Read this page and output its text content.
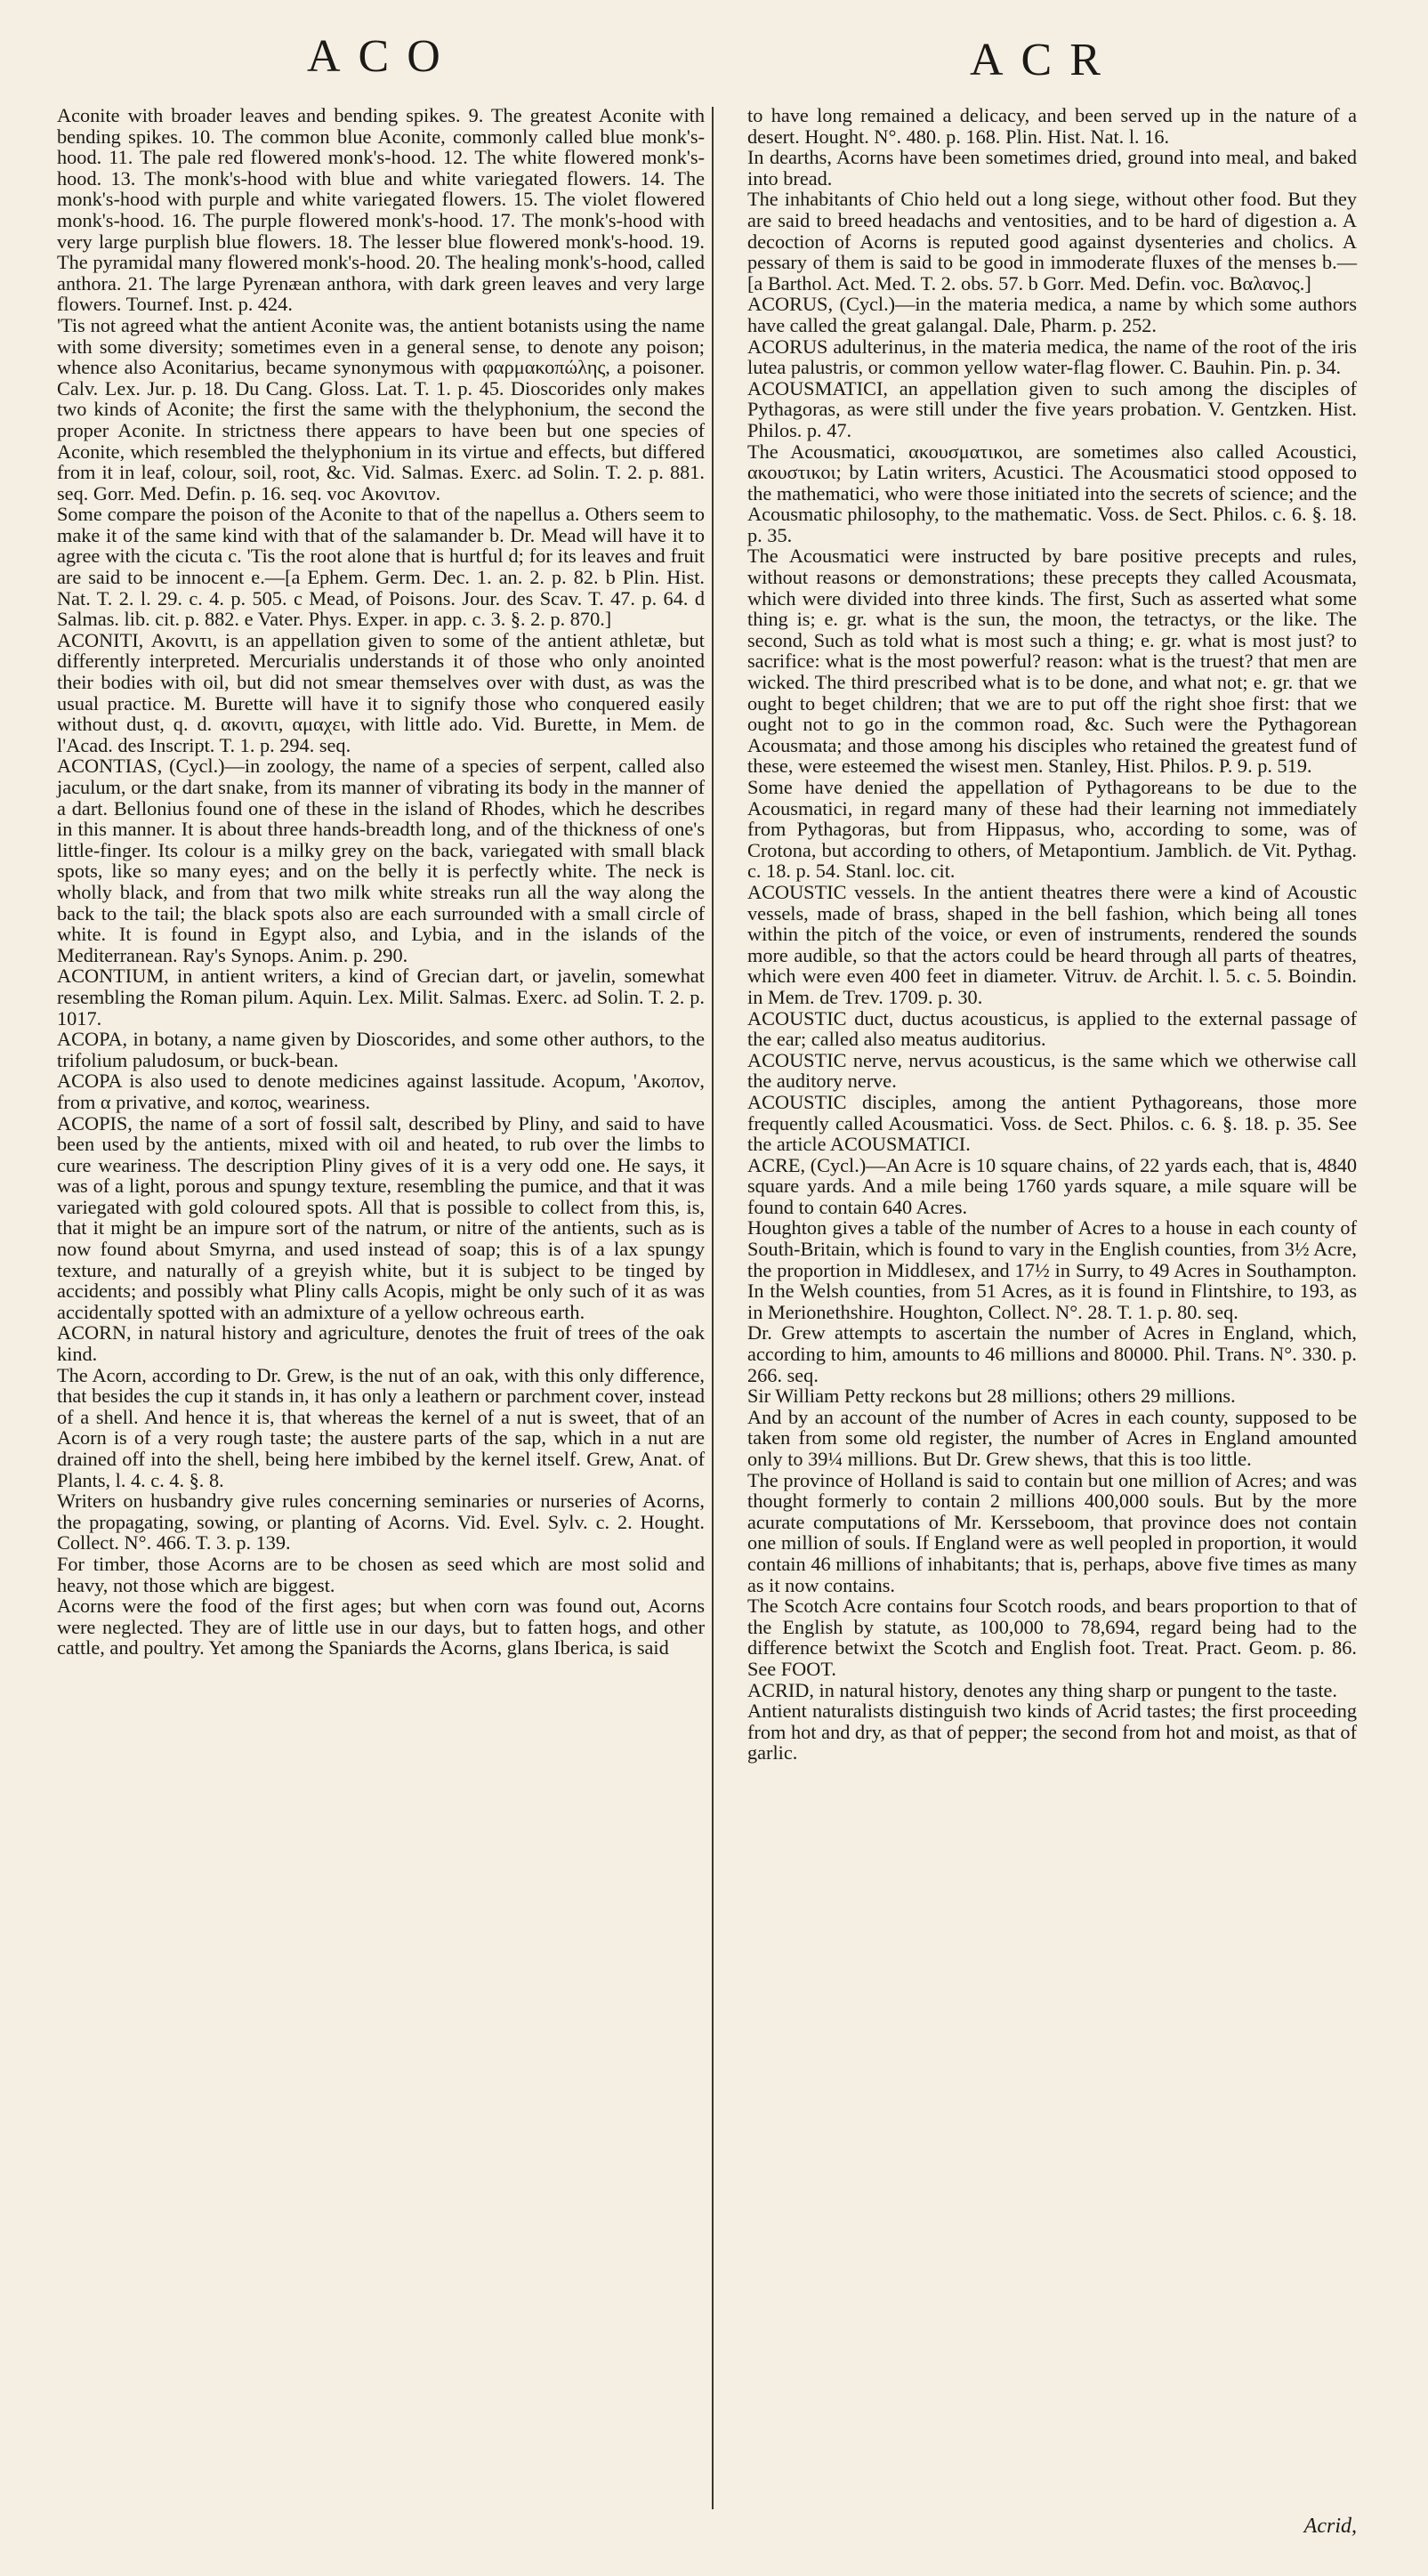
ACO	ACR

Aconite with broader leaves and bending spikes. 9. The greatest Aconite with bending spikes. 10. The common blue Aconite, commonly called blue monk's-hood. 11. The pale red flowered monk's-hood. 12. The white flowered monk's-hood. 13. The monk's-hood with blue and white variegated flowers. 14. The monk's-hood with purple and white variegated flowers. 15. The violet flowered monk's-hood. 16. The purple flowered monk's-hood. 17. The monk's-hood with very large purplish blue flowers. 18. The lesser blue flowered monk's-hood. 19. The pyramidal many flowered monk's-hood. 20. The healing monk's-hood, called anthora. 21. The large Pyrenæan anthora, with dark green leaves and very large flowers. Tournef. Inst. p. 424.

'Tis not agreed what the antient Aconite was, the antient botanists using the name with some diversity; sometimes even in a general sense, to denote any poison; whence also Aconitarius, became synonymous with φαρμακοπώλης, a poisoner. Calv. Lex. Jur. p. 18. Du Cang. Gloss. Lat. T. 1. p. 45. Dioscorides only makes two kinds of Aconite; the first the same with the thelyphonium, the second the proper Aconite. In strictness there appears to have been but one species of Aconite, which resembled the thelyphonium in its virtue and effects, but differed from it in leaf, colour, soil, root, &c. Vid. Salmas. Exerc. ad Solin. T. 2. p. 881. seq. Gorr. Med. Defin. p. 16. seq. voc Ακονιτον.

Some compare the poison of the Aconite to that of the napellus a. Others seem to make it of the same kind with that of the salamander b. Dr. Mead will have it to agree with the cicuta c. 'Tis the root alone that is hurtful d; for its leaves and fruit are said to be innocent e.—[a Ephem. Germ. Dec. 1. an. 2. p. 82. b Plin. Hist. Nat. T. 2. l. 29. c. 4. p. 505. c Mead, of Poisons. Jour. des Scav. T. 47. p. 64. d Salmas. lib. cit. p. 882. e Vater. Phys. Exper. in app. c. 3. §. 2. p. 870.]

ACONITI, Ακονιτι, is an appellation given to some of the antient athletæ, but differently interpreted. Mercurialis understands it of those who only anointed their bodies with oil, but did not smear themselves over with dust, as was the usual practice. M. Burette will have it to signify those who conquered easily without dust, q. d. ακονιτι, αμαχει, with little ado. Vid. Burette, in Mem. de l'Acad. des Inscript. T. 1. p. 294. seq.

ACONTIAS, (Cycl.)—in zoology, the name of a species of serpent, called also jaculum, or the dart snake, from its manner of vibrating its body in the manner of a dart. Bellonius found one of these in the island of Rhodes, which he describes in this manner. It is about three hands-breadth long, and of the thickness of one's little-finger. Its colour is a milky grey on the back, variegated with small black spots, like so many eyes; and on the belly it is perfectly white. The neck is wholly black, and from that two milk white streaks run all the way along the back to the tail; the black spots also are each surrounded with a small circle of white. It is found in Egypt also, and Lybia, and in the islands of the Mediterranean. Ray's Synops. Anim. p. 290.

ACONTIUM, in antient writers, a kind of Grecian dart, or javelin, somewhat resembling the Roman pilum. Aquin. Lex. Milit. Salmas. Exerc. ad Solin. T. 2. p. 1017.

ACOPA, in botany, a name given by Dioscorides, and some other authors, to the trifolium paludosum, or buck-bean.

ACOPA is also used to denote medicines against lassitude. Acopum, 'Ακοπον, from α privative, and κοπος, weariness.

ACOPIS, the name of a sort of fossil salt, described by Pliny, and said to have been used by the antients, mixed with oil and heated, to rub over the limbs to cure weariness. The description Pliny gives of it is a very odd one. He says, it was of a light, porous and spungy texture, resembling the pumice, and that it was variegated with gold coloured spots. All that is possible to collect from this, is, that it might be an impure sort of the natrum, or nitre of the antients, such as is now found about Smyrna, and used instead of soap; this is of a lax spungy texture, and naturally of a greyish white, but it is subject to be tinged by accidents; and possibly what Pliny calls Acopis, might be only such of it as was accidentally spotted with an admixture of a yellow ochreous earth.

ACORN, in natural history and agriculture, denotes the fruit of trees of the oak kind.

The Acorn, according to Dr. Grew, is the nut of an oak, with this only difference, that besides the cup it stands in, it has only a leathern or parchment cover, instead of a shell. And hence it is, that whereas the kernel of a nut is sweet, that of an Acorn is of a very rough taste; the austere parts of the sap, which in a nut are drained off into the shell, being here imbibed by the kernel itself. Grew, Anat. of Plants, l. 4. c. 4. §. 8.

Writers on husbandry give rules concerning seminaries or nurseries of Acorns, the propagating, sowing, or planting of Acorns. Vid. Evel. Sylv. c. 2. Hought. Collect. N°. 466. T. 3. p. 139.

For timber, those Acorns are to be chosen as seed which are most solid and heavy, not those which are biggest.

Acorns were the food of the first ages; but when corn was found out, Acorns were neglected. They are of little use in our days, but to fatten hogs, and other cattle, and poultry. Yet among the Spaniards the Acorns, glans Iberica, is said

to have long remained a delicacy, and been served up in the nature of a desert. Hought. N°. 480. p. 168. Plin. Hist. Nat. l. 16.

In dearths, Acorns have been sometimes dried, ground into meal, and baked into bread.

The inhabitants of Chio held out a long siege, without other food. But they are said to breed headachs and ventosities, and to be hard of digestion a. A decoction of Acorns is reputed good against dysenteries and cholics. A pessary of them is said to be good in immoderate fluxes of the menses b.—[a Barthol. Act. Med. T. 2. obs. 57. b Gorr. Med. Defin. voc. Βαλανος.]

ACORUS, (Cycl.)—in the materia medica, a name by which some authors have called the great galangal. Dale, Pharm. p. 252.

ACORUS adulterinus, in the materia medica, the name of the root of the iris lutea palustris, or common yellow water-flag flower. C. Bauhin. Pin. p. 34.

ACOUSMATICI, an appellation given to such among the disciples of Pythagoras, as were still under the five years probation. V. Gentzken. Hist. Philos. p. 47.

The Acousmatici, ακουσματικοι, are sometimes also called Acoustici, ακουστικοι; by Latin writers, Acustici. The Acousmatici stood opposed to the mathematici, who were those initiated into the secrets of science; and the Acousmatic philosophy, to the mathematic. Voss. de Sect. Philos. c. 6. §. 18. p. 35.

The Acousmatici were instructed by bare positive precepts and rules, without reasons or demonstrations; these precepts they called Acousmata, which were divided into three kinds. The first, Such as asserted what some thing is; e. gr. what is the sun, the moon, the tetractys, or the like. The second, Such as told what is most such a thing; e. gr. what is most just? to sacrifice: what is the most powerful? reason: what is the truest? that men are wicked. The third prescribed what is to be done, and what not; e. gr. that we ought to beget children; that we are to put off the right shoe first: that we ought not to go in the common road, &c. Such were the Pythagorean Acousmata; and those among his disciples who retained the greatest fund of these, were esteemed the wisest men. Stanley, Hist. Philos. P. 9. p. 519.

Some have denied the appellation of Pythagoreans to be due to the Acousmatici, in regard many of these had their learning not immediately from Pythagoras, but from Hippasus, who, according to some, was of Crotona, but according to others, of Metapontium. Jamblich. de Vit. Pythag. c. 18. p. 54. Stanl. loc. cit.

ACOUSTIC vessels. In the antient theatres there were a kind of Acoustic vessels, made of brass, shaped in the bell fashion, which being all tones within the pitch of the voice, or even of instruments, rendered the sounds more audible, so that the actors could be heard through all parts of theatres, which were even 400 feet in diameter. Vitruv. de Archit. l. 5. c. 5. Boindin. in Mem. de Trev. 1709. p. 30.

ACOUSTIC duct, ductus acousticus, is applied to the external passage of the ear; called also meatus auditorius.

ACOUSTIC nerve, nervus acousticus, is the same which we otherwise call the auditory nerve.

ACOUSTIC disciples, among the antient Pythagoreans, those more frequently called Acousmatici. Voss. de Sect. Philos. c. 6. §. 18. p. 35. See the article ACOUSMATICI.

ACRE, (Cycl.)—An Acre is 10 square chains, of 22 yards each, that is, 4840 square yards. And a mile being 1760 yards square, a mile square will be found to contain 640 Acres.

Houghton gives a table of the number of Acres to a house in each county of South-Britain, which is found to vary in the English counties, from 3½ Acre, the proportion in Middlesex, and 17½ in Surry, to 49 Acres in Southampton. In the Welsh counties, from 51 Acres, as it is found in Flintshire, to 193, as in Merionethshire. Houghton, Collect. N°. 28. T. 1. p. 80. seq.

Dr. Grew attempts to ascertain the number of Acres in England, which, according to him, amounts to 46 millions and 80000. Phil. Trans. N°. 330. p. 266. seq.

Sir William Petty reckons but 28 millions; others 29 millions.

And by an account of the number of Acres in each county, supposed to be taken from some old register, the number of Acres in England amounted only to 39¼ millions. But Dr. Grew shews, that this is too little.

The province of Holland is said to contain but one million of Acres; and was thought formerly to contain 2 millions 400,000 souls. But by the more acurate computations of Mr. Kersseboom, that province does not contain one million of souls. If England were as well peopled in proportion, it would contain 46 millions of inhabitants; that is, perhaps, above five times as many as it now contains.

The Scotch Acre contains four Scotch roods, and bears proportion to that of the English by statute, as 100,000 to 78,694, regard being had to the difference betwixt the Scotch and English foot. Treat. Pract. Geom. p. 86. See FOOT.

ACRID, in natural history, denotes any thing sharp or pungent to the taste.

Antient naturalists distinguish two kinds of Acrid tastes; the first proceeding from hot and dry, as that of pepper; the second from hot and moist, as that of garlic.

Acrid,
